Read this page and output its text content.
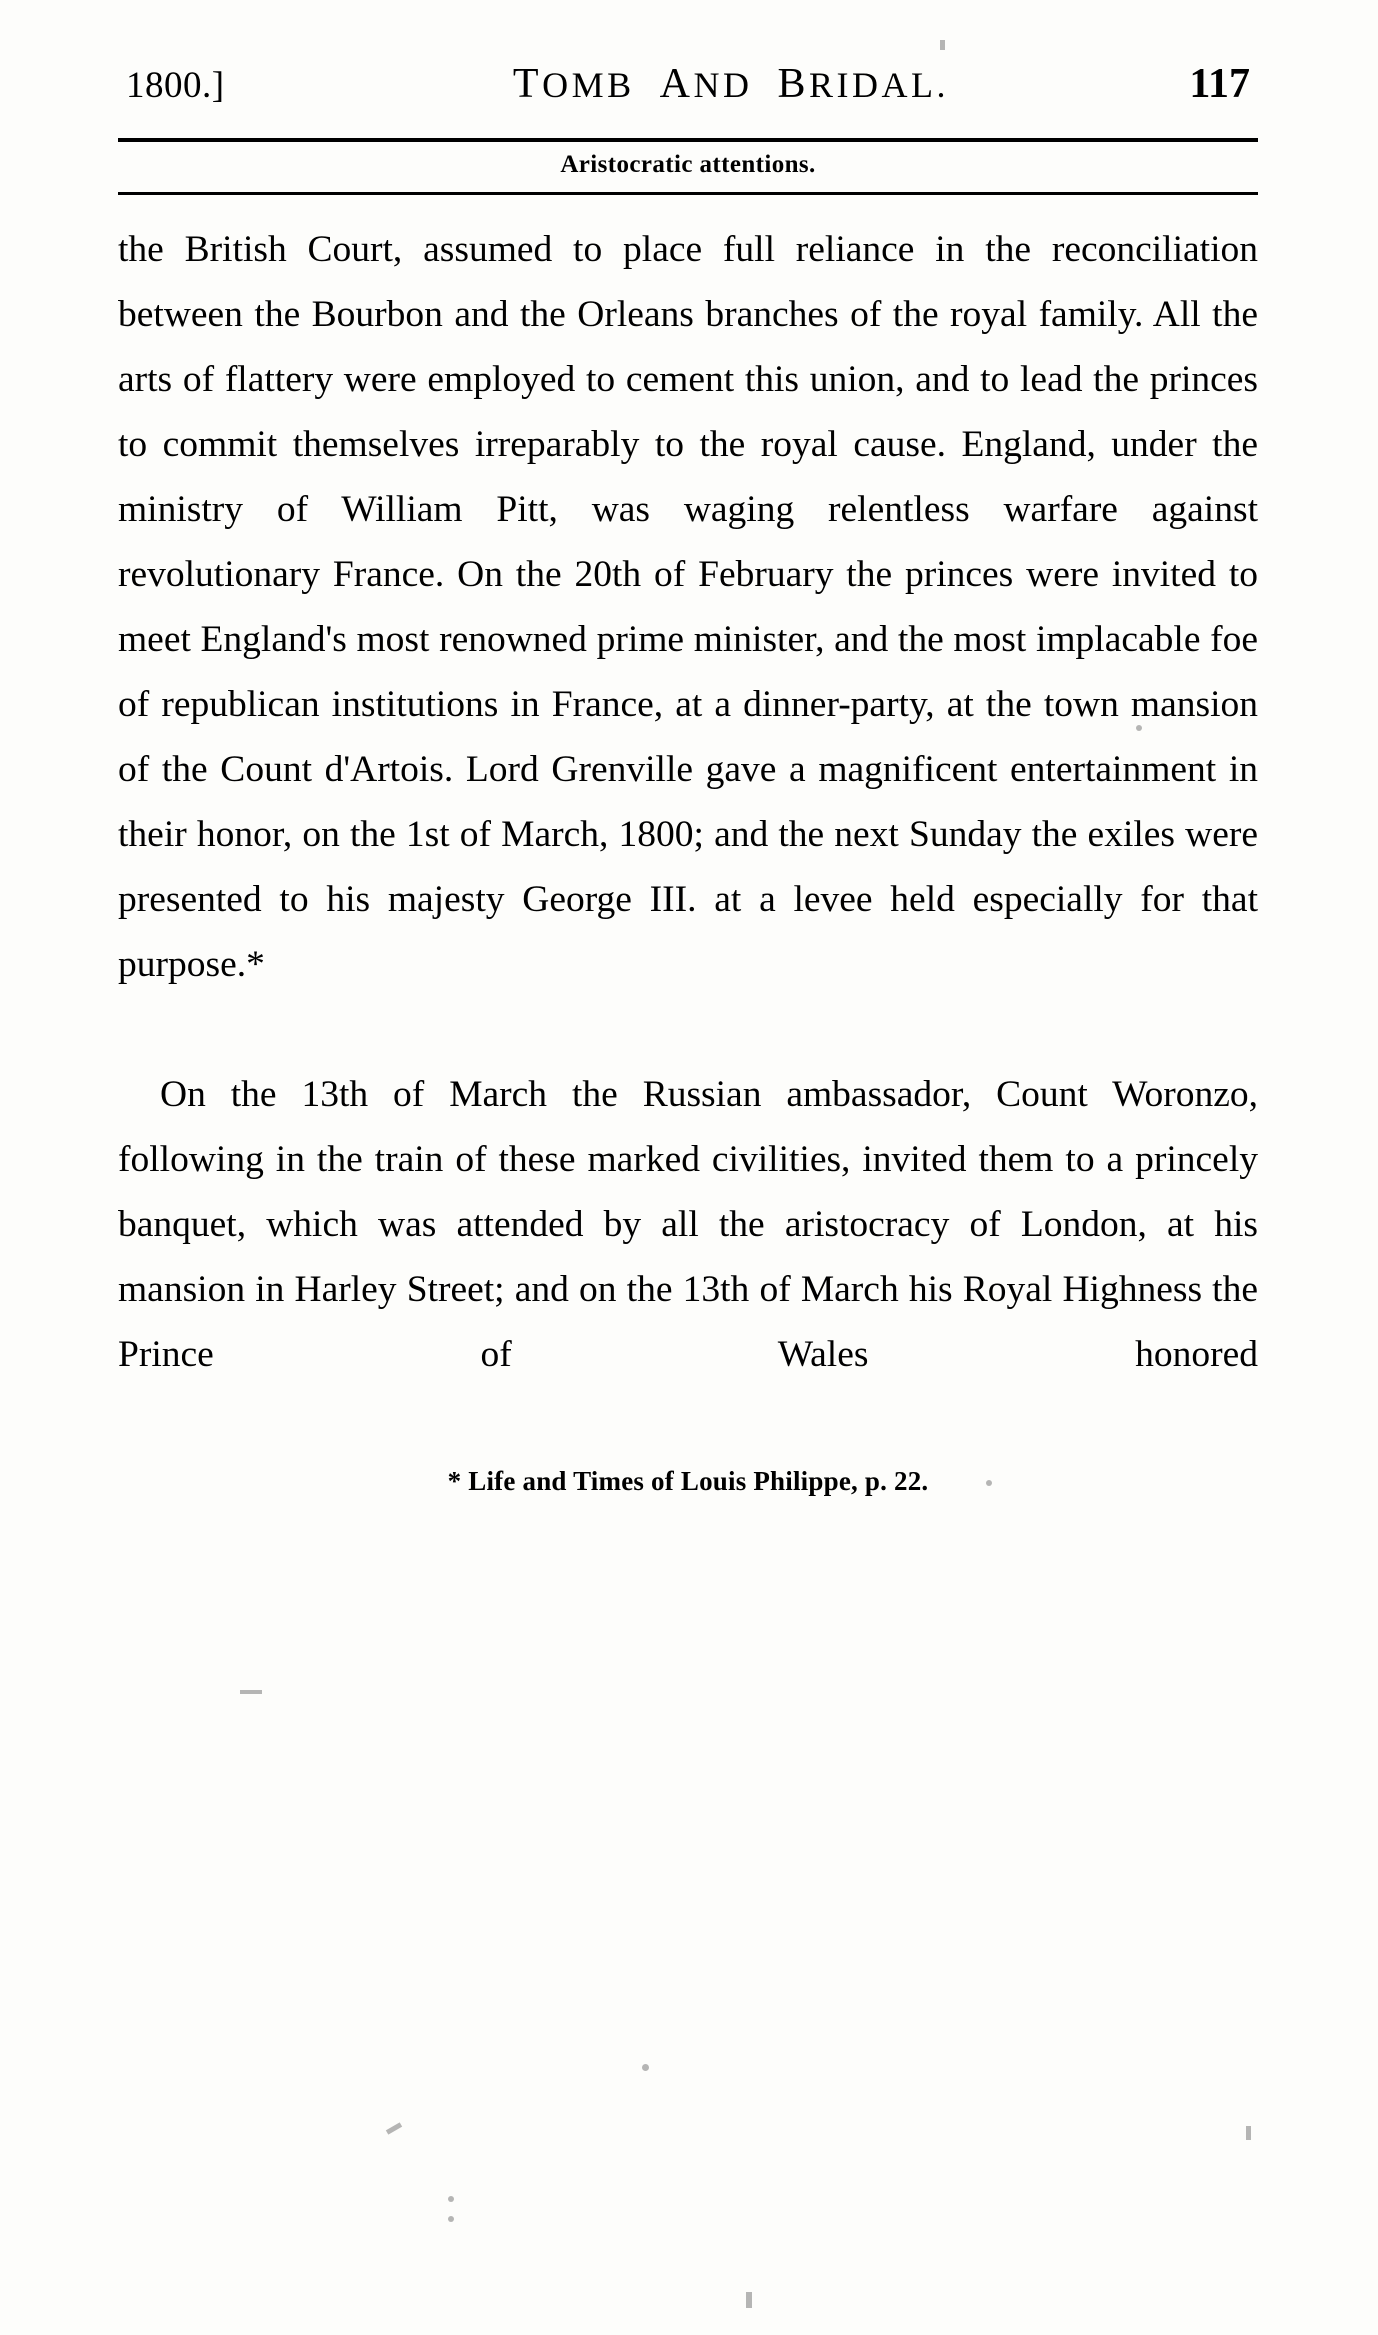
1800.]	TOMB  AND  BRIDAL.	117
Aristocratic attentions.

the British Court, assumed to place full reliance in the reconciliation between the Bourbon and the Orleans branches of the royal family. All the arts of flattery were employed to cement this union, and to lead the princes to commit themselves irreparably to the royal cause. England, under the ministry of William Pitt, was waging relentless warfare against revolutionary France. On the 20th of February the princes were invited to meet England's most renowned prime minister, and the most implacable foe of republican institutions in France, at a dinner-party, at the town mansion of the Count d'Artois. Lord Grenville gave a magnificent entertainment in their honor, on the 1st of March, 1800; and the next Sunday the exiles were presented to his majesty George III. at a levee held especially for that purpose.*

On the 13th of March the Russian ambassador, Count Woronzo, following in the train of these marked civilities, invited them to a princely banquet, which was attended by all the aristocracy of London, at his mansion in Harley Street; and on the 13th of March his Royal Highness the Prince of Wales honored

* Life and Times of Louis Philippe, p. 22.
